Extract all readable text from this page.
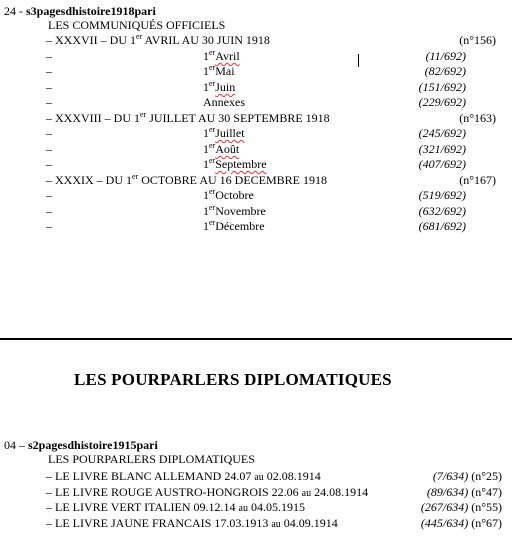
24 - s3pagesdhistoire1918pari
LES COMMUNIQUÉS OFFICIELS
– XXXVII – DU 1er AVRIL AU 30 JUIN 1918	(n°156)
–	1erAvril	(11/692)
–	1erMai	(82/692)
–	1erJuin	(151/692)
–	Annexes	(229/692)
– XXXVIII – DU 1er JUILLET AU 30 SEPTEMBRE 1918	(n°163)
–	1erJuillet	(245/692)
–	1erAoût	(321/692)
–	1erSeptembre	(407/692)
– XXXIX – DU 1er OCTOBRE AU 16 DECEMBRE 1918	(n°167)
–	1erOctobre	(519/692)
–	1erNovembre	(632/692)
–	1erDécembre	(681/692)
LES POURPARLERS DIPLOMATIQUES
04 – s2pagesdhistoire1915pari
LES POURPARLERS DIPLOMATIQUES
– LE LIVRE BLANC ALLEMAND 24.07 au 02.08.1914	(7/634) (n°25)
– LE LIVRE ROUGE AUSTRO-HONGROIS 22.06 au 24.08.1914	(89/634) (n°47)
– LE LIVRE VERT ITALIEN 09.12.14 au 04.05.1915	(267/634) (n°55)
– LE LIVRE JAUNE FRANCAIS 17.03.1913 au 04.09.1914	(445/634) (n°67)
